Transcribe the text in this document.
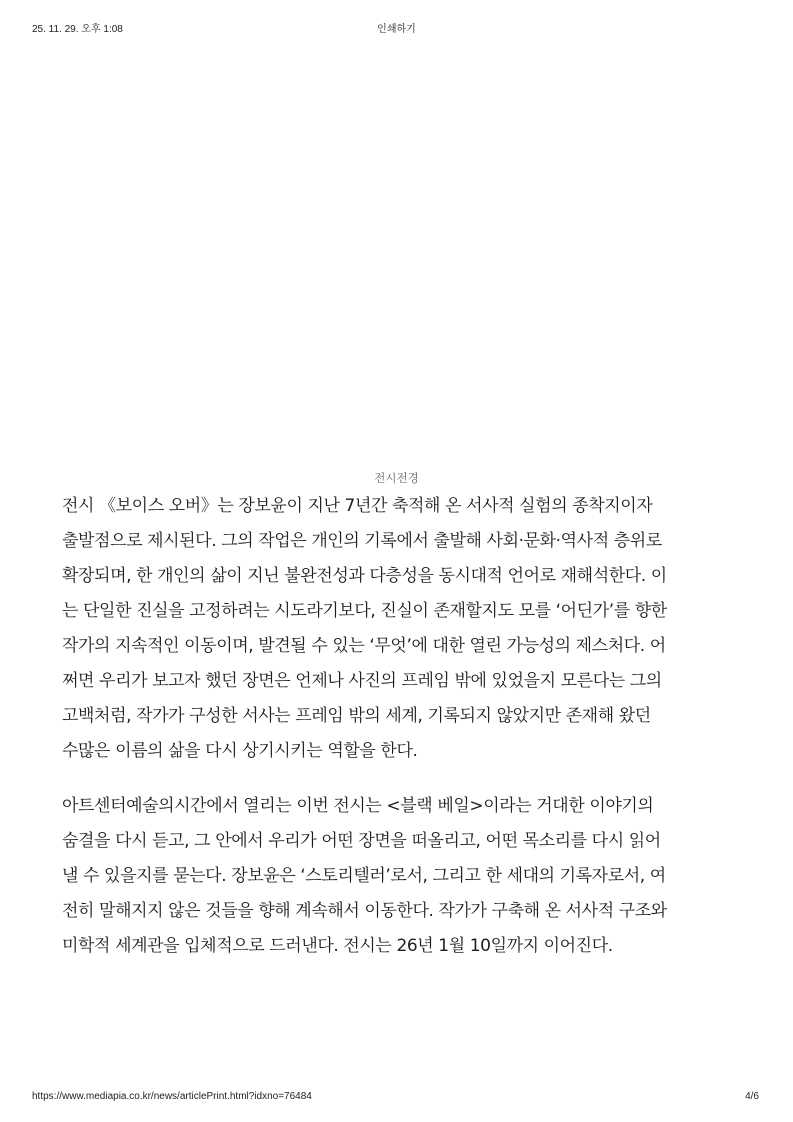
25. 11. 29. 오후 1:08	인쇄하기
전시전경

전시 《보이스 오버》는 장보윤이 지난 7년간 축적해 온 서사적 실험의 종착지이자
출발점으로 제시된다. 그의 작업은 개인의 기록에서 출발해 사회·문화·역사적 층위로
확장되며, 한 개인의 삶이 지닌 불완전성과 다층성을 동시대적 언어로 재해석한다. 이
는 단일한 진실을 고정하려는 시도라기보다, 진실이 존재할지도 모를 ‘어딘가’를 향한
작가의 지속적인 이동이며, 발견될 수 있는 ‘무엇’에 대한 열린 가능성의 제스처다. 어
쩌면 우리가 보고자 했던 장면은 언제나 사진의 프레임 밖에 있었을지 모른다는 그의
고백처럼, 작가가 구성한 서사는 프레임 밖의 세계, 기록되지 않았지만 존재해 왔던
수많은 이름의 삶을 다시 상기시키는 역할을 한다.

아트센터예술의시간에서 열리는 이번 전시는 <블랙 베일>이라는 거대한 이야기의
숨결을 다시 듣고, 그 안에서 우리가 어떤 장면을 떠올리고, 어떤 목소리를 다시 읽어
낼 수 있을지를 묻는다. 장보윤은 ‘스토리텔러’로서, 그리고 한 세대의 기록자로서, 여
전히 말해지지 않은 것들을 향해 계속해서 이동한다. 작가가 구축해 온 서사적 구조와
미학적 세계관을 입체적으로 드러낸다. 전시는 26년 1월 10일까지 이어진다.

https://www.mediapia.co.kr/news/articlePrint.html?idxno=76484	4/6
